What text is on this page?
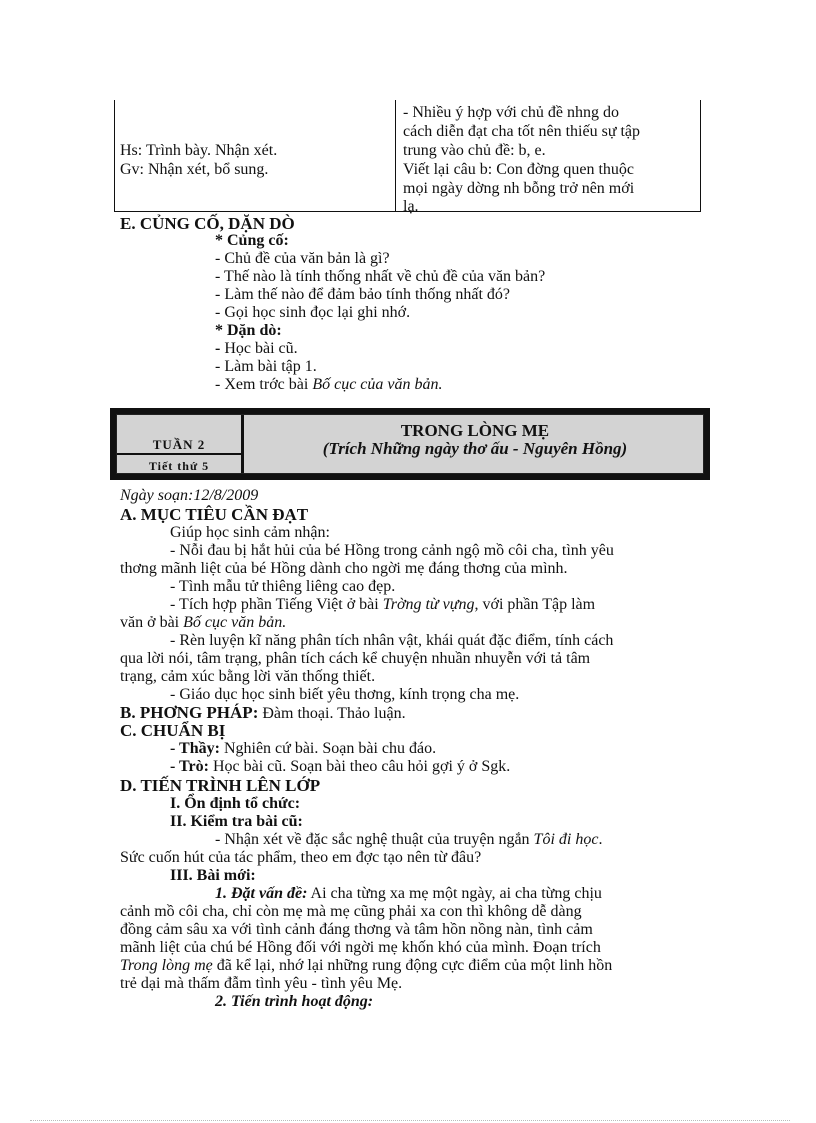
Hs: Trình bày. Nhận xét.
Gv: Nhận xét, bổ sung.
- Nhiều ý hợp với chủ đề nhng do
cách diễn đạt cha tốt nên thiếu sự tập
trung vào chủ đề: b, e.
Viết lại câu b: Con đờng quen thuộc
mọi ngày dờng nh bỗng trở nên mới
lạ.
E. CỦNG CỐ, DẶN DÒ
* Củng cố:
- Chủ đề của văn bản là gì?
- Thế nào là tính thống nhất về chủ đề của văn bản?
- Làm thế nào để đảm bảo tính thống nhất đó?
- Gọi học sinh đọc lại ghi nhớ.
* Dặn dò:
- Học bài cũ.
- Làm bài tập 1.
- Xem trớc bài Bố cục của văn bản.
TUẦN 2
Tiết thứ 5
TRONG LÒNG MẸ
(Trích Những ngày thơ ấu - Nguyên Hồng)
Ngày soạn:12/8/2009
A. MỤC TIÊU CẦN ĐẠT
Giúp học sinh cảm nhận:
- Nỗi đau bị hắt hủi của bé Hồng trong cảnh ngộ mồ côi cha, tình yêu
thơng mãnh liệt của bé Hồng dành cho ngời mẹ đáng thơng của mình.
- Tình mẫu tử thiêng liêng cao đẹp.
- Tích hợp phần Tiếng Việt ở bài Trờng từ vựng, với phần Tập làm
văn ở bài Bố cục văn bản.
- Rèn luyện kĩ năng phân tích nhân vật, khái quát đặc điểm, tính cách
qua lời nói, tâm trạng, phân tích cách kể chuyện nhuần nhuyễn với tả tâm
trạng, cảm xúc bằng lời văn thống thiết.
- Giáo dục học sinh biết yêu thơng, kính trọng cha mẹ.
B. PHƠNG PHÁP: Đàm thoại. Thảo luận.
C. CHUẨN BỊ
- Thầy: Nghiên cứ bài. Soạn bài chu đáo.
- Trò: Học bài cũ. Soạn bài theo câu hỏi gợi ý ở Sgk.
D. TIẾN TRÌNH LÊN LỚP
I. Ổn định tổ chức:
II. Kiểm tra bài cũ:
- Nhận xét về đặc sắc nghệ thuật của truyện ngắn Tôi đi học.
Sức cuốn hút của tác phẩm, theo em đợc tạo nên từ đâu?
III. Bài mới:
1. Đặt vấn đề: Ai cha từng xa mẹ một ngày, ai cha từng chịu
cảnh mồ côi cha, chỉ còn mẹ mà mẹ cũng phải xa con thì không dễ dàng
đồng cảm sâu xa với tình cảnh đáng thơng và tâm hồn nồng nàn, tình cảm
mãnh liệt của chú bé Hồng đối với ngời mẹ khốn khó của mình. Đoạn trích
Trong lòng mẹ đã kể lại, nhớ lại những rung động cực điểm của một linh hồn
trẻ dại mà thấm đẫm tình yêu - tình yêu Mẹ.
2. Tiến trình hoạt động:
